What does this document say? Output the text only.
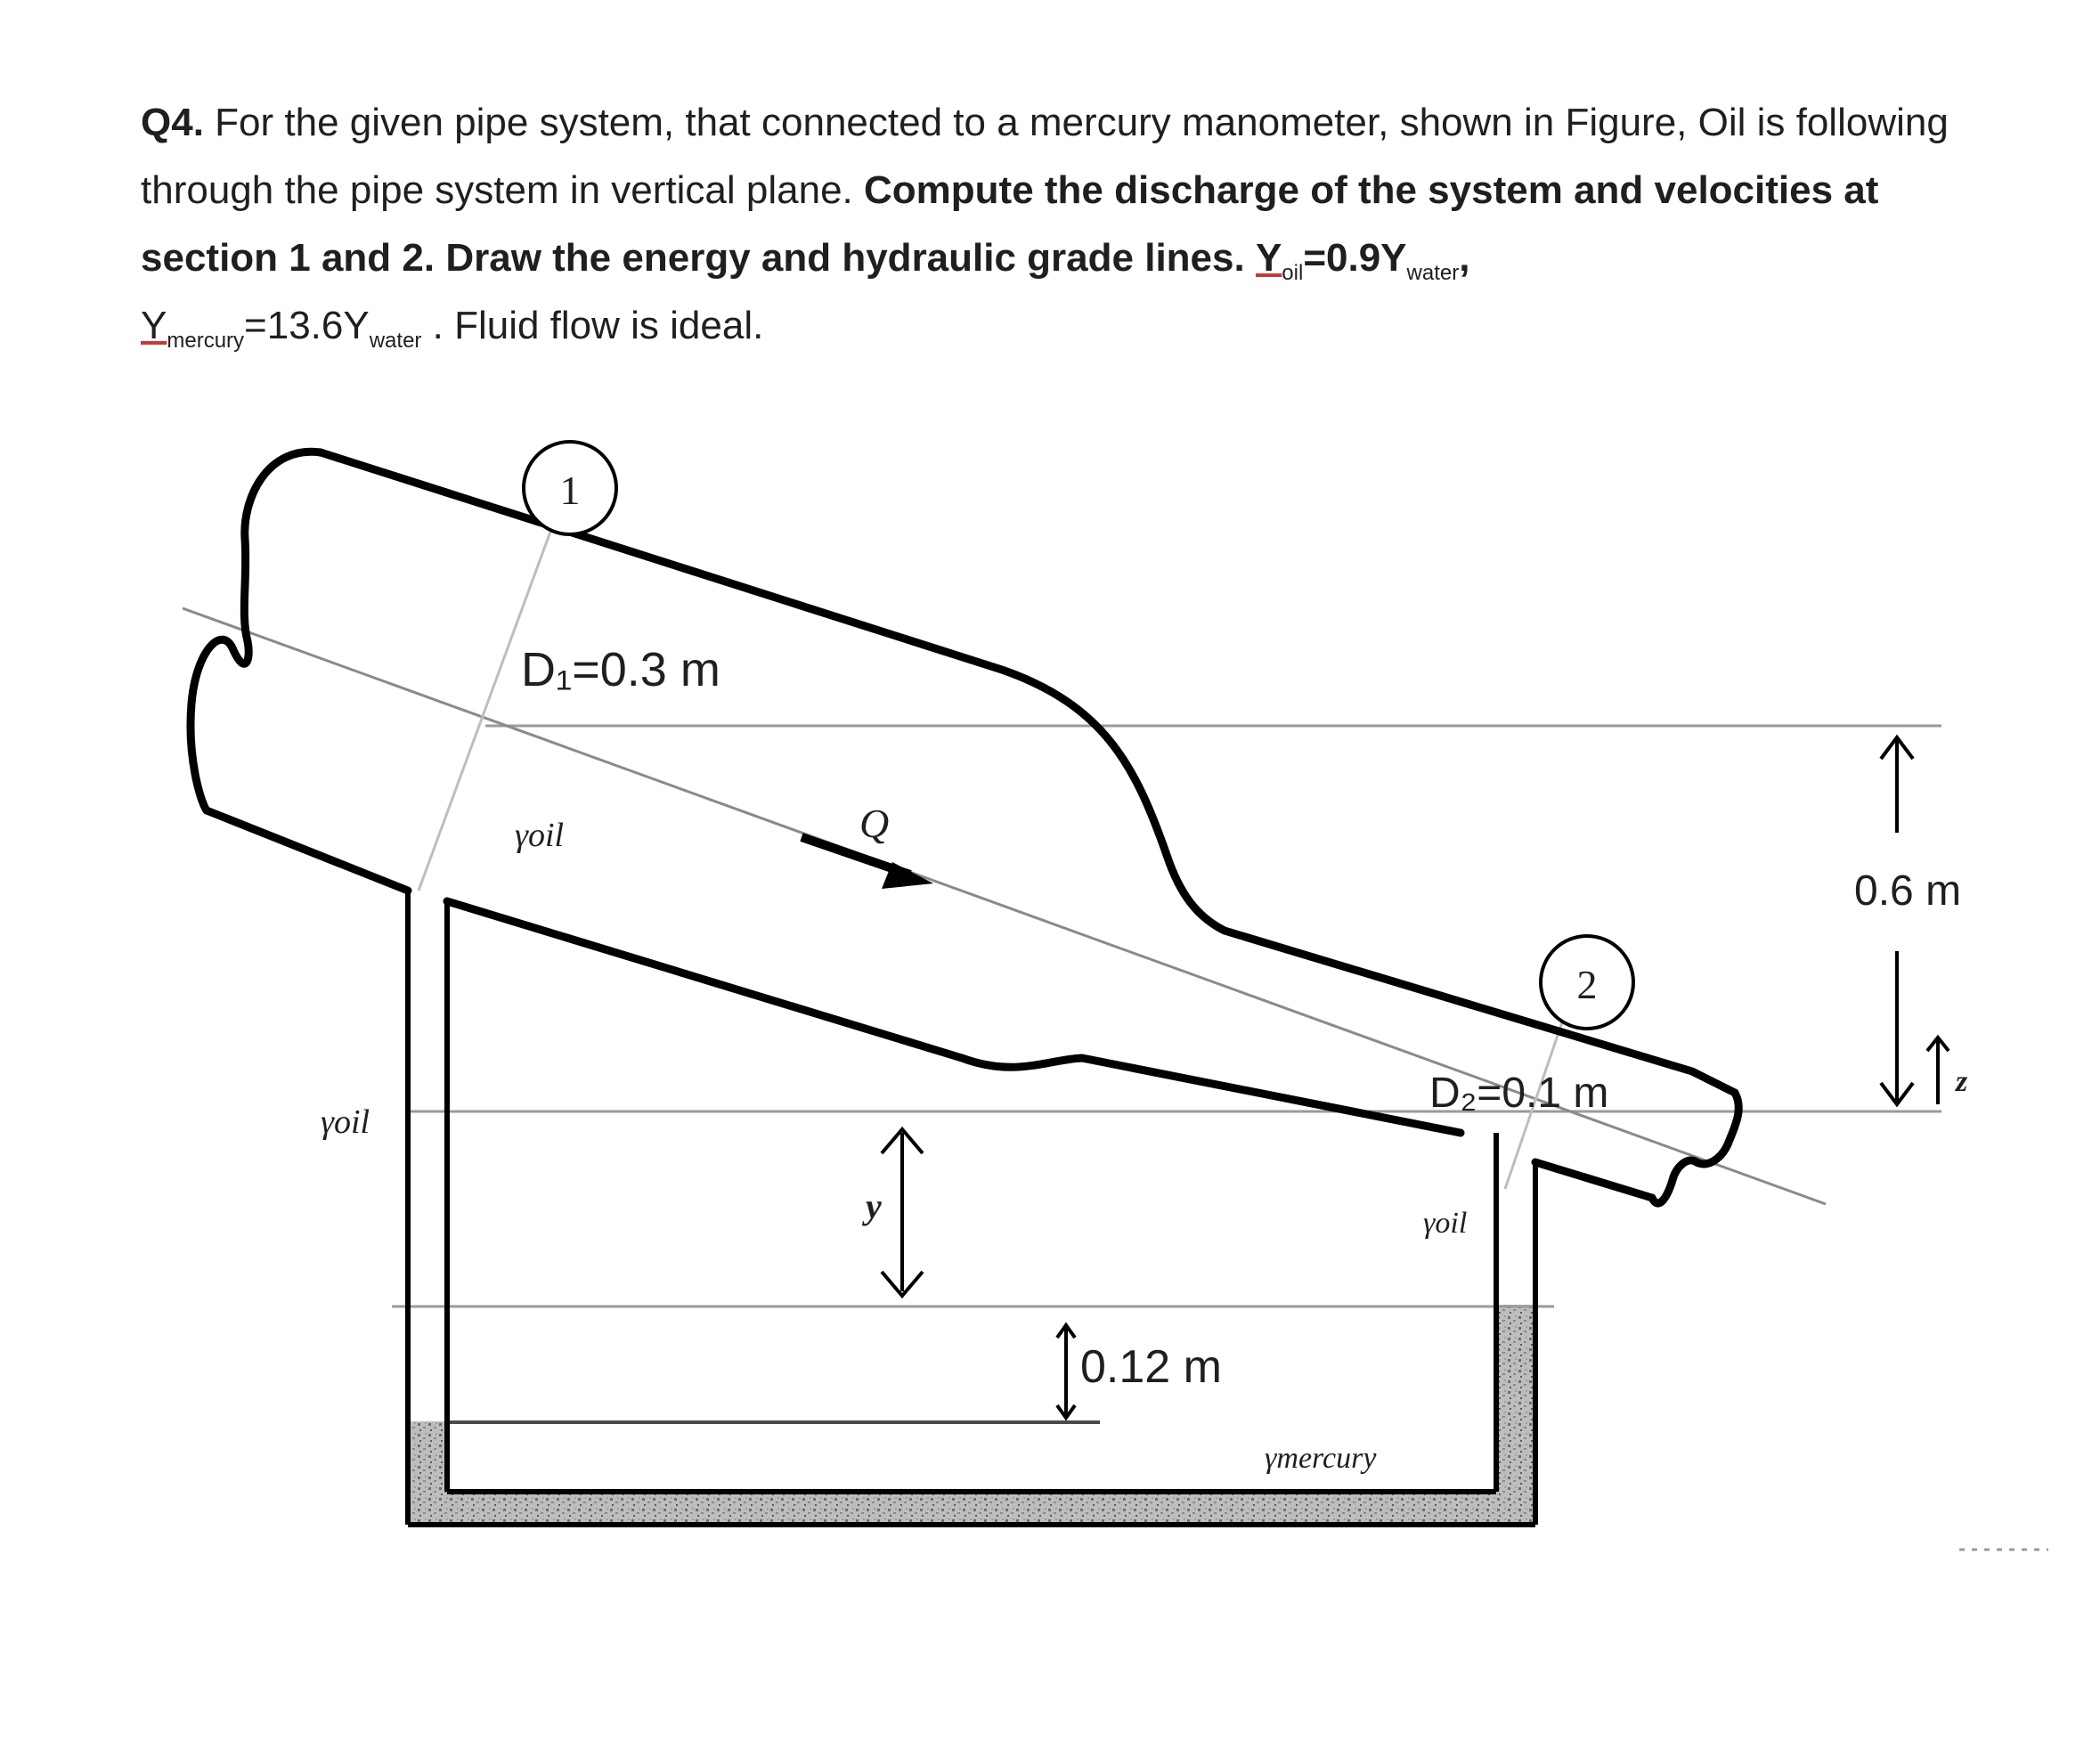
Q4. For the given pipe system, that connected to a mercury manometer, shown in Figure, Oil is following through the pipe system in vertical plane. Compute the discharge of the system and velocities at section 1 and 2. Draw the energy and hydraulic grade lines. $\Upsilon_{oil}=0.9\Upsilon_{water}$,
$\Upsilon_{mercury}=13.6\Upsilon_{water}$ . Fluid flow is ideal.
1
2
D₁=0.3 m
D₂=0.1 m
Q
γoil
γoil
γoil
y
0.12 m
0.6 m
z
γmercury
